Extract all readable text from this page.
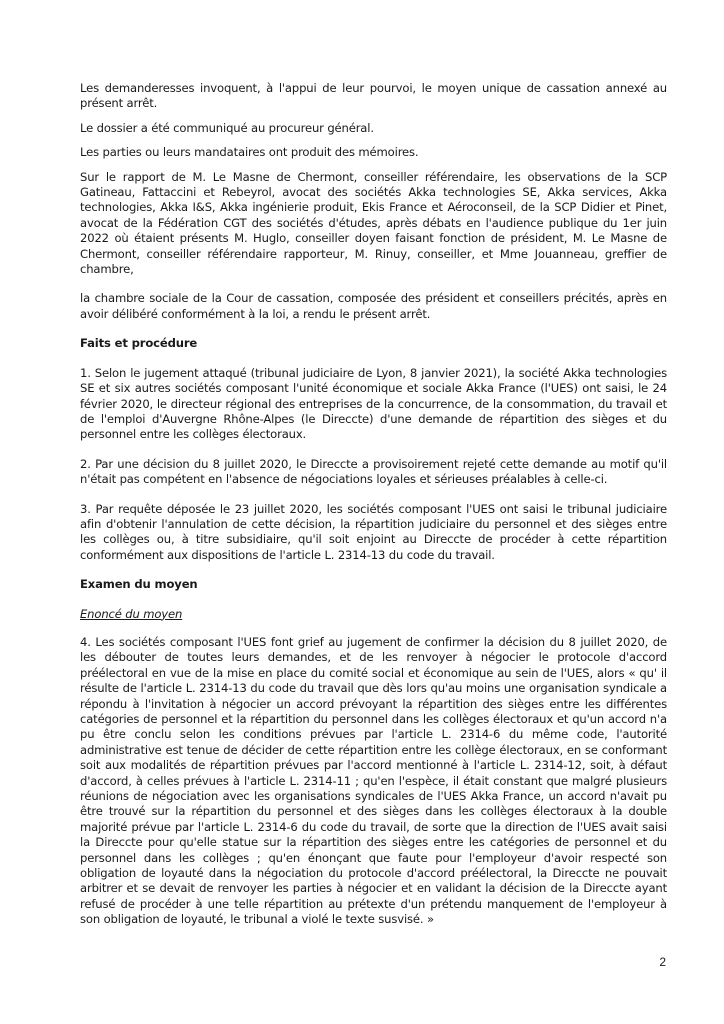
Les demanderesses invoquent, à l'appui de leur pourvoi, le moyen unique de cassation annexé au présent arrêt.

Le dossier a été communiqué au procureur général.

Les parties ou leurs mandataires ont produit des mémoires.

Sur le rapport de M. Le Masne de Chermont, conseiller référendaire, les observations de la SCP Gatineau, Fattaccini et Rebeyrol, avocat des sociétés Akka technologies SE, Akka services, Akka technologies, Akka I&S, Akka ingénierie produit, Ekis France et Aéroconseil, de la SCP Didier et Pinet, avocat de la Fédération CGT des sociétés d'études, après débats en l'audience publique du 1er juin 2022 où étaient présents M. Huglo, conseiller doyen faisant fonction de président, M. Le Masne de Chermont, conseiller référendaire rapporteur, M. Rinuy, conseiller, et Mme Jouanneau, greffier de chambre,

la chambre sociale de la Cour de cassation, composée des président et conseillers précités, après en avoir délibéré conformément à la loi, a rendu le présent arrêt.

Faits et procédure

1. Selon le jugement attaqué (tribunal judiciaire de Lyon, 8 janvier 2021), la société Akka technologies SE et six autres sociétés composant l'unité économique et sociale Akka France (l'UES) ont saisi, le 24 février 2020, le directeur régional des entreprises de la concurrence, de la consommation, du travail et de l'emploi d'Auvergne Rhône-Alpes (le Direccte) d'une demande de répartition des sièges et du personnel entre les collèges électoraux.

2. Par une décision du 8 juillet 2020, le Direccte a provisoirement rejeté cette demande au motif qu'il n'était pas compétent en l'absence de négociations loyales et sérieuses préalables à celle-ci.

3. Par requête déposée le 23 juillet 2020, les sociétés composant l'UES ont saisi le tribunal judiciaire afin d'obtenir l'annulation de cette décision, la répartition judiciaire du personnel et des sièges entre les collèges ou, à titre subsidiaire, qu'il soit enjoint au Direccte de procéder à cette répartition conformément aux dispositions de l'article L. 2314-13 du code du travail.

Examen du moyen

Enoncé du moyen

4. Les sociétés composant l'UES font grief au jugement de confirmer la décision du 8 juillet 2020, de les débouter de toutes leurs demandes, et de les renvoyer à négocier le protocole d'accord préélectoral en vue de la mise en place du comité social et économique au sein de l'UES, alors « qu' il résulte de l'article L. 2314-13 du code du travail que dès lors qu'au moins une organisation syndicale a répondu à l'invitation à négocier un accord prévoyant la répartition des sièges entre les différentes catégories de personnel et la répartition du personnel dans les collèges électoraux et qu'un accord n'a pu être conclu selon les conditions prévues par l'article L. 2314-6 du même code, l'autorité administrative est tenue de décider de cette répartition entre les collège électoraux, en se conformant soit aux modalités de répartition prévues par l'accord mentionné à l'article L. 2314-12, soit, à défaut d'accord, à celles prévues à l'article L. 2314-11 ; qu'en l'espèce, il était constant que malgré plusieurs réunions de négociation avec les organisations syndicales de l'UES Akka France, un accord n'avait pu être trouvé sur la répartition du personnel et des sièges dans les collèges électoraux à la double majorité prévue par l'article L. 2314-6 du code du travail, de sorte que la direction de l'UES avait saisi la Direccte pour qu'elle statue sur la répartition des sièges entre les catégories de personnel et du personnel dans les collèges ; qu'en énonçant que faute pour l'employeur d'avoir respecté son obligation de loyauté dans la négociation du protocole d'accord préélectoral, la Direccte ne pouvait arbitrer et se devait de renvoyer les parties à négocier et en validant la décision de la Direccte ayant refusé de procéder à une telle répartition au prétexte d'un prétendu manquement de l'employeur à son obligation de loyauté, le tribunal a violé le texte susvisé. »

2
